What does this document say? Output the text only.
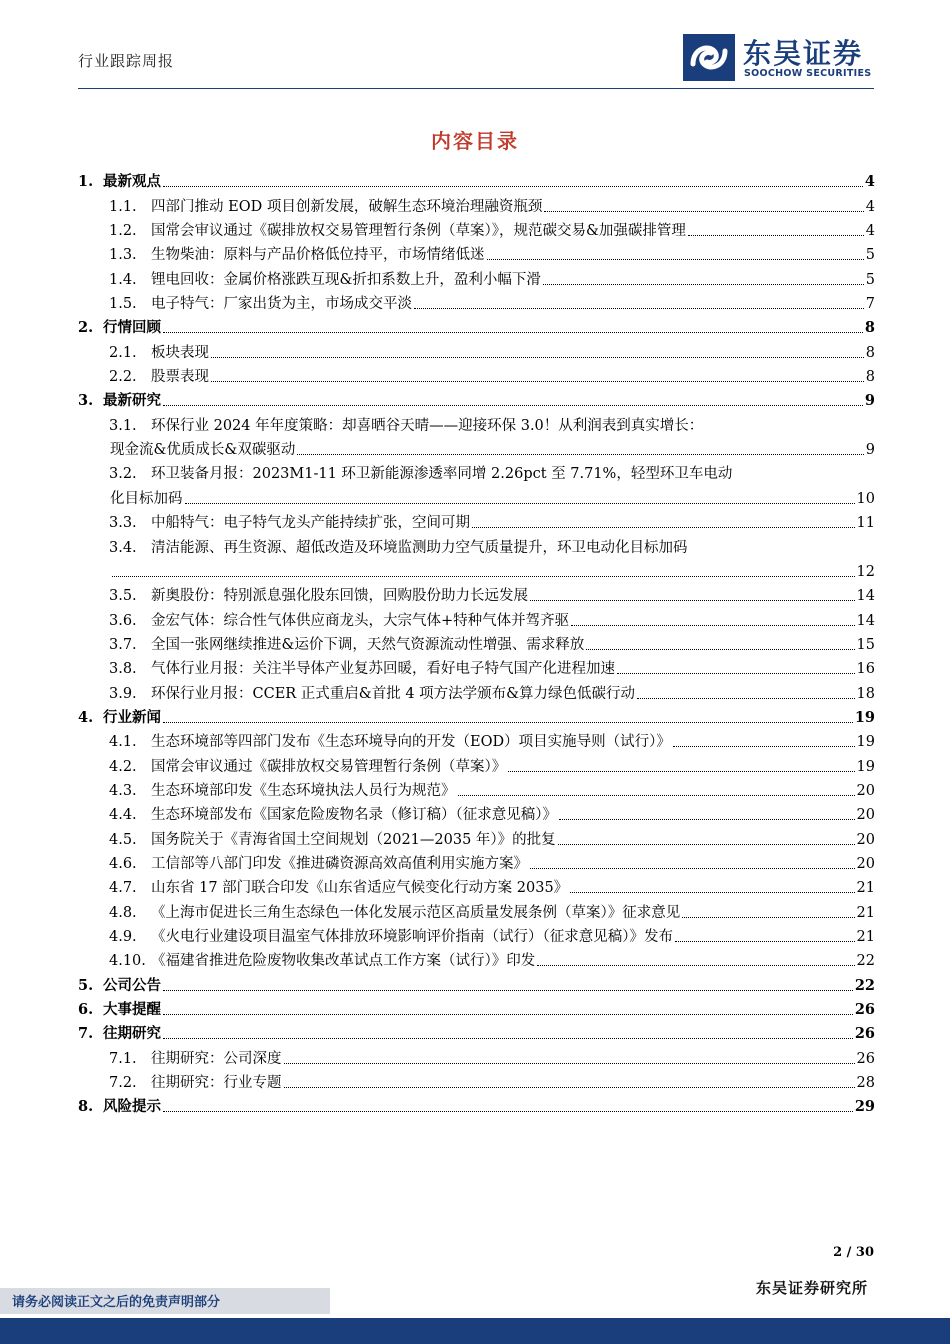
行业跟踪周报	东吴证券
SOOCHOW SECURITIES
内容目录
1. 最新观点	4
1.1. 四部门推动 EOD 项目创新发展，破解生态环境治理融资瓶颈	4
1.2. 国常会审议通过《碳排放权交易管理暂行条例（草案）》，规范碳交易&加强碳排管理	4
1.3. 生物柴油：原料与产品价格低位持平，市场情绪低迷	5
1.4. 锂电回收：金属价格涨跌互现&折扣系数上升，盈利小幅下滑	5
1.5. 电子特气：厂家出货为主，市场成交平淡	7
2. 行情回顾	8
2.1. 板块表现	8
2.2. 股票表现	8
3. 最新研究	9
3.1. 环保行业 2024 年年度策略：却喜晒谷天晴——迎接环保 3.0！从利润表到真实增长：
现金流&优质成长&双碳驱动	9
3.2. 环卫装备月报：2023M1-11 环卫新能源渗透率同增 2.26pct 至 7.71%，轻型环卫车电动
化目标加码	10
3.3. 中船特气：电子特气龙头产能持续扩张，空间可期	11
3.4. 清洁能源、再生资源、超低改造及环境监测助力空气质量提升，环卫电动化目标加码
12
3.5. 新奥股份：特别派息强化股东回馈，回购股份助力长远发展	14
3.6. 金宏气体：综合性气体供应商龙头，大宗气体+特种气体并驾齐驱	14
3.7. 全国一张网继续推进&运价下调，天然气资源流动性增强、需求释放	15
3.8. 气体行业月报：关注半导体产业复苏回暖，看好电子特气国产化进程加速	16
3.9. 环保行业月报：CCER 正式重启&首批 4 项方法学颁布&算力绿色低碳行动	18
4. 行业新闻	19
4.1. 生态环境部等四部门发布《生态环境导向的开发（EOD）项目实施导则（试行）》	19
4.2. 国常会审议通过《碳排放权交易管理暂行条例（草案）》	19
4.3. 生态环境部印发《生态环境执法人员行为规范》	20
4.4. 生态环境部发布《国家危险废物名录（修订稿）（征求意见稿）》	20
4.5. 国务院关于《青海省国土空间规划（2021—2035 年）》的批复	20
4.6. 工信部等八部门印发《推进磷资源高效高值利用实施方案》	20
4.7. 山东省 17 部门联合印发《山东省适应气候变化行动方案 2035》	21
4.8. 《上海市促进长三角生态绿色一体化发展示范区高质量发展条例（草案）》征求意见	21
4.9. 《火电行业建设项目温室气体排放环境影响评价指南（试行）（征求意见稿）》发布	21
4.10. 《福建省推进危险废物收集改革试点工作方案（试行）》印发	22
5. 公司公告	22
6. 大事提醒	26
7. 往期研究	26
7.1. 往期研究：公司深度	26
7.2. 往期研究：行业专题	28
8. 风险提示	29
2 / 30
请务必阅读正文之后的免责声明部分
东吴证券研究所
